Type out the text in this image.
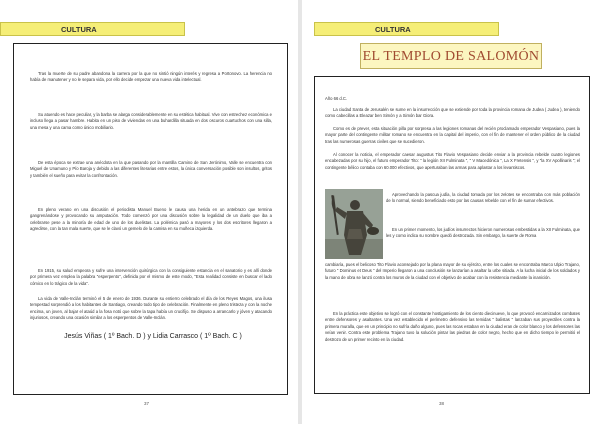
CULTURA

Tras la muerte de su padre abandona la carrera por la que no sintió ningún interés y regresa a Portonovo. La herencia no había de manutener y no le separa vida, por ello decide empezar una nueva vida intelectual.

Su atuendo es hace peculiar, y la barba se alarga considerablemente en su estética habitual. Vive con estrechez económica e incluso llega a pasar hambre. Habita en un piso de viviendas en una buhardilla situada en dos oscuros cuartuchos con una silla, una mesa y una cama como único mobiliario.

De esta época se extrae una anécdota en la que pasando por la mantilla Camino de San Jerónimo, Valle se encuentra con Miguel de Unamuno y Pío Baroja y debido a las diferentes literarias entre estos, la única conversación posible son insultos, gritos y también el sueño para evitar la confrontación.

En pleno verano en una discusión el periodista Manuel Bueno le causa una herida en un antebrazo que termina gangrenándose y provocando su amputación. Todo comenzó por una discusión sobre la legalidad de un duelo que iba a celebrarse pese a la minoría de edad de uno de los duelistas. La polémica pasó a mayores y los dos escritores llegaron a agredirse, con la tan mala suerte, que se le clavó un gemelo de la camisa en su muñeca izquierda.

En 1915, su salud empeora y sufre una intervención quirúrgica con la consiguiente estancia en el sanatorio y es allí donde por primera vez emplea la palabra "esperpento", definida por el mismo de este modo, "Esta realidad consiste en buscar el lado cómico en lo trágico de la vida".

La vida de Valle-Inclán terminó el 5 de enero de 1936. Durante su entierro celebrado el día de los Reyes Magos, una ilusa tempestad sorprendió a los habitantes de Santiago, creando todo tipo de celebración. Finalmente en pleno tristeza y con la noche encima, un joven, al bajar el ataúd a la fosa notó que sobre la tapa había un crucifijo. Se dispuso a arrancarlo y jóven y atacando injuriosos, creando una ocasión similar a los esperpentos de Valle-Inclán.

Jesús Viñas ( 1º Bach. D ) y Lidia Carrasco ( 1º Bach. C )
37
CULTURA
EL TEMPLO DE SALOMÓN

Año 66 d.C.

La ciudad Santa de Jerusalén se sume en la insurrección que se extiende por toda la provincia romana de Judea ( Judea ), teniendo como cabecillas a Eleazar ben Simón y a Simón bar Giora.

Como es de prever, esta situación pilla por sorpresa a las legiones romanas del recién proclamado emperador Vespasiano, pues la mayor parte del contingente militar romano se encuentra en la capital del imperio, con el fin de mantener el orden público de la ciudad tras las numerosas guerras civiles que se sucedieron.

Al conocer la noticia, el emperador caesar augustus Tito Flavio Vespasiano decide enviar a la provincia rebelde cuatro legiones encabezadas por su hijo, el futuro emperador Tito: " la legión XII Fulminata ", " V Macedónica ", La X Fretensis ", y "la XV Apollinaris "; el contingente bélico contaba con 60.000 efectivos, que aperturaban las armas para aplastar a los levantiscos.

Aprovechando la pascua judía, la ciudad tomada por los zelotes se encontraba con más población de lo normal, siendo beneficiado esto por las causas rebelde con el fin de sumar efectivos.

En un primer momento, los judíos insurrectos hicieron numerosas embestidas a la XII Fulminata, que les y como indica su nombre quedó destrozada. Sin embargo, la suerte de Roma

cambiaría, pues el belicoso Tito Flavio aconsejado por la plana mayor de su ejército, entre los cuales se encontraba Marco Ulpio Trajano, futuro " Dominus et Deus " del Imperio llegaron a una conclusión se lanzarían a asaltar la urbe sitiada. A la lucha inicial de los soldados y la mano de obra se lanzó contra los muros de la ciudad con el objetivo de acabar con la resistencia mediante la inanición.

En la práctica este objetivo se logró con el constante hostigamiento de los ciento diecinueve, lo que provocó encarnizados combates entre defensores y asaltantes. Una vez establecido el perímetro defensivo las temidas " balistas " lanzaban sus proyectiles contra la primera muralla, que en un principio no sufría daño alguno, pues las rocas estaban en la ciudad eran de color blanco y los defensores las veían venir. Contra este problema Trajano tuvo la solución pintar las piedras de color negro, hecho que en dicho tiempo le permitió el destrozo de un primer recinto en la ciudad.

38
